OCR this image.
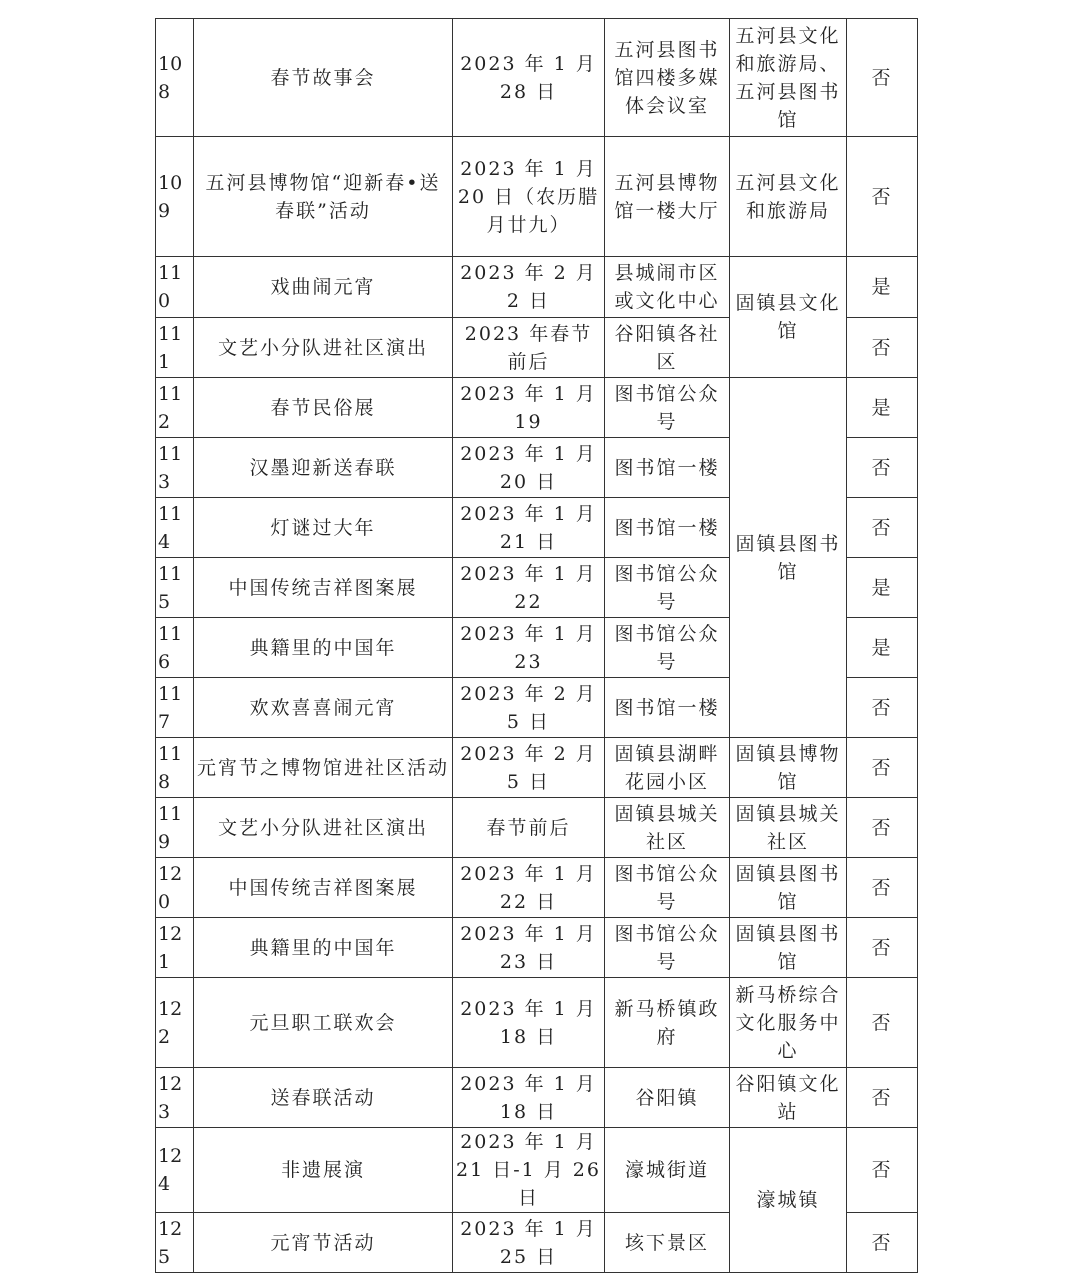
108	春节故事会	2023 年 1 月 28 日	五河县图书馆四楼多媒体会议室	五河县文化和旅游局、五河县图书馆	否
109	五河县博物馆“迎新春•送春联”活动	2023 年 1 月 20 日（农历腊月廿九）	五河县博物馆一楼大厅	五河县文化和旅游局	否
110	戏曲闹元宵	2023 年 2 月 2 日	县城闹市区或文化中心	固镇县文化馆	是
111	文艺小分队进社区演出	2023 年春节前后	谷阳镇各社区		否
112	春节民俗展	2023 年 1 月 19	图书馆公众号	固镇县图书馆	是
113	汉墨迎新送春联	2023 年 1 月 20 日	图书馆一楼		否
114	灯谜过大年	2023 年 1 月 21 日	图书馆一楼		否
115	中国传统吉祥图案展	2023 年 1 月 22	图书馆公众号		是
116	典籍里的中国年	2023 年 1 月 23	图书馆公众号		是
117	欢欢喜喜闹元宵	2023 年 2 月 5 日	图书馆一楼		否
118	元宵节之博物馆进社区活动	2023 年 2 月 5 日	固镇县湖畔花园小区	固镇县博物馆	否
119	文艺小分队进社区演出	春节前后	固镇县城关社区	固镇县城关社区	否
120	中国传统吉祥图案展	2023 年 1 月 22 日	图书馆公众号	固镇县图书馆	否
121	典籍里的中国年	2023 年 1 月 23 日	图书馆公众号	固镇县图书馆	否
122	元旦职工联欢会	2023 年 1 月 18 日	新马桥镇政府	新马桥综合文化服务中心	否
123	送春联活动	2023 年 1 月 18 日	谷阳镇	谷阳镇文化站	否
124	非遗展演	2023 年 1 月 21 日-1 月 26 日	濠城街道	濠城镇	否
125	元宵节活动	2023 年 1 月 25 日	垓下景区		否
